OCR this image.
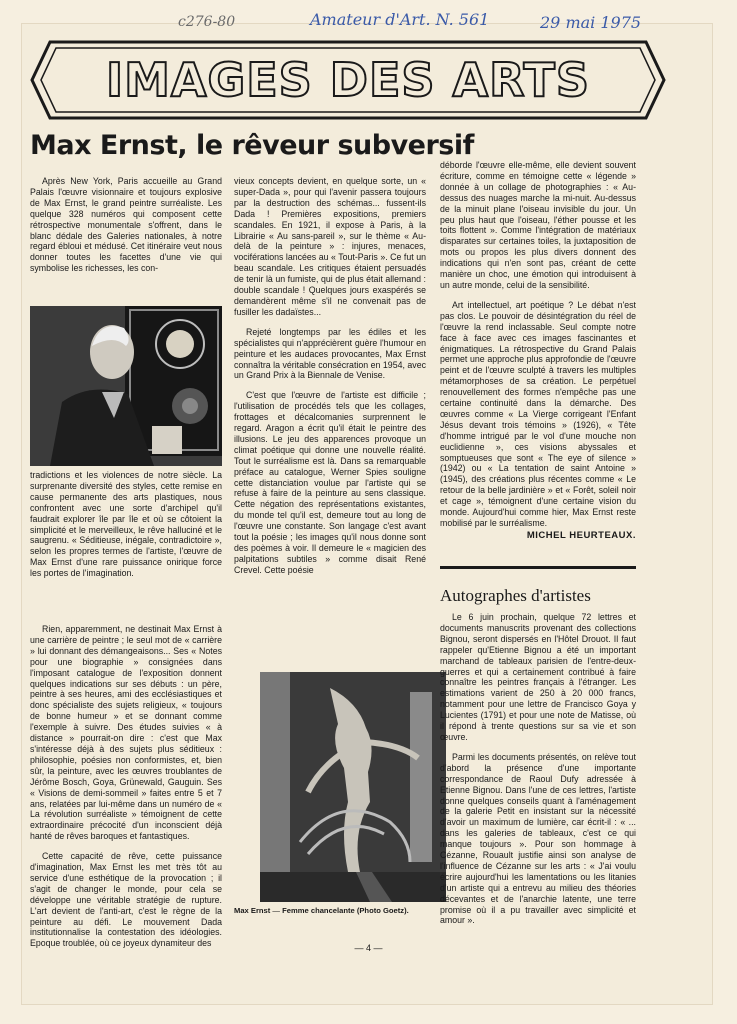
c276-80	Amateur d'Art. N. 561	29 mai 1975
IMAGES DES ARTS
Max Ernst, le rêveur subversif

Après New York, Paris accueille au Grand Palais l'œuvre visionnaire et toujours explosive de Max Ernst, le grand peintre surréaliste. Les quelque 328 numéros qui composent cette rétrospective monumentale s'offrent, dans le blanc dédale des Galeries nationales, à notre regard ébloui et médusé. Cet itinéraire veut nous donner toutes les facettes d'une vie qui symbolise les richesses, les con-

tradictions et les violences de notre siècle. La surprenante diversité des styles, cette remise en cause permanente des arts plastiques, nous confrontent avec une sorte d'archipel qu'il faudrait explorer île par île et où se côtoient la simplicité et le merveilleux, le rêve halluciné et le saugrenu. « Séditieuse, inégale, contradictoire », selon les propres termes de l'artiste, l'œuvre de Max Ernst d'une rare puissance onirique force les portes de l'imagination.

Rien, apparemment, ne destinait Max Ernst à une carrière de peintre ; le seul mot de « carrière » lui donnant des démangeaisons... Ses « Notes pour une biographie » consignées dans l'imposant catalogue de l'exposition donnent quelques indications sur ses débuts : un père, peintre à ses heures, ami des ecclésiastiques et donc spécialiste des sujets religieux, « toujours de bonne humeur » et se donnant comme l'exemple à suivre. Des études suivies « à distance » pourrait-on dire : c'est que Max s'intéresse déjà à des sujets plus séditieux : philosophie, poésies non conformistes, et, bien sûr, la peinture, avec les œuvres troublantes de Jérôme Bosch, Goya, Grünewald, Gauguin. Ses « Visions de demi-sommeil » faites entre 5 et 7 ans, relatées par lui-même dans un numéro de « La révolution surréaliste » témoignent de cette extraordinaire précocité d'un inconscient déjà hanté de rêves baroques et fantastiques.

Cette capacité de rêve, cette puissance d'imagination, Max Ernst les met très tôt au service d'une esthétique de la provocation ; il s'agit de changer le monde, pour cela se développe une véritable stratégie de rupture. L'art devient de l'anti-art, c'est le règne de la peinture au défi. Le mouvement Dada institutionnalise la contestation des idéologies. Epoque troublée, où ce joyeux dynamiteur des

vieux concepts devient, en quelque sorte, un « super-Dada », pour qui l'avenir passera toujours par la destruction des schémas... fussent-ils Dada ! Premières expositions, premiers scandales. En 1921, il expose à Paris, à la Librairie « Au sans-pareil », sur le thème « Au-delà de la peinture » : injures, menaces, vociférations lancées au « Tout-Paris ». Ce fut un beau scandale. Les critiques étaient persuadés de tenir là un fumiste, qui de plus était allemand : double scandale ! Quelques jours exaspérés se demandèrent même s'il ne convenait pas de fusiller les dadaïstes...

Rejeté longtemps par les édiles et les spécialistes qui n'apprécièrent guère l'humour en peinture et les audaces provocantes, Max Ernst connaîtra la véritable consécration en 1954, avec un Grand Prix à la Biennale de Venise.

C'est que l'œuvre de l'artiste est difficile ; l'utilisation de procédés tels que les collages, frottages et décalcomanies surprennent le regard. Aragon a écrit qu'il était le peintre des illusions. Le jeu des apparences provoque un climat poétique qui donne une nouvelle réalité. Tout le surréalisme est là. Dans sa remarquable préface au catalogue, Werner Spies souligne cette distanciation voulue par l'artiste qui se refuse à faire de la peinture au sens classique. Cette négation des représentations existantes, du monde tel qu'il est, demeure tout au long de l'œuvre une constante. Son langage c'est avant tout la poésie ; les images qu'il nous donne sont des poèmes à voir. Il demeure le « magicien des palpitations subtiles » comme disait René Crevel. Cette poésie

Max Ernst — Femme chancelante (Photo Goetz).

déborde l'œuvre elle-même, elle devient souvent écriture, comme en témoigne cette « légende » donnée à un collage de photographies : « Au-dessus des nuages marche la mi-nuit. Au-dessus de la minuit plane l'oiseau invisible du jour. Un peu plus haut que l'oiseau, l'éther pousse et les toits flottent ». Comme l'intégration de matériaux disparates sur certaines toiles, la juxtaposition de mots ou propos les plus divers donnent des indications qui n'en sont pas, créant de cette manière un choc, une émotion qui introduisent à un autre monde, celui de la sensibilité.

Art intellectuel, art poétique ? Le débat n'est pas clos. Le pouvoir de désintégration du réel de l'œuvre la rend inclassable. Seul compte notre face à face avec ces images fascinantes et énigmatiques. La rétrospective du Grand Palais permet une approche plus approfondie de l'œuvre peint et de l'œuvre sculpté à travers les multiples métamorphoses de sa création. Le perpétuel renouvellement des formes n'empêche pas une certaine continuité dans la démarche. Des œuvres comme « La Vierge corrigeant l'Enfant Jésus devant trois témoins » (1926), « Tête d'homme intrigué par le vol d'une mouche non euclidienne », ces visions abyssales et somptueuses que sont « The eye of silence » (1942) ou « La tentation de saint Antoine » (1945), des créations plus récentes comme « Le retour de la belle jardinière » et « Forêt, soleil noir et cage », témoignent d'une certaine vision du monde. Aujourd'hui comme hier, Max Ernst reste mobilisé par le surréalisme.

MICHEL HEURTEAUX.
Autographes d'artistes

Le 6 juin prochain, quelque 72 lettres et documents manuscrits provenant des collections Bignou, seront dispersés en l'Hôtel Drouot. Il faut rappeler qu'Etienne Bignou a été un important marchand de tableaux parisien de l'entre-deux-guerres et qui a certainement contribué à faire connaître les peintres français à l'étranger. Les estimations varient de 250 à 20 000 francs, notamment pour une lettre de Francisco Goya y Lucientes (1791) et pour une note de Matisse, où il répond à trente questions sur sa vie et son œuvre.

Parmi les documents présentés, on relève tout d'abord la présence d'une importante correspondance de Raoul Dufy adressée à Etienne Bignou. Dans l'une de ces lettres, l'artiste donne quelques conseils quant à l'aménagement de la galerie Petit en insistant sur la nécessité d'avoir un maximum de lumière, car écrit-il : « ... dans les galeries de tableaux, c'est ce qui manque toujours ». Pour son hommage à Cézanne, Rouault justifie ainsi son analyse de l'influence de Cézanne sur les arts : « J'ai voulu écrire aujourd'hui les lamentations ou les litanies d'un artiste qui a entrevu au milieu des théories décevantes et de l'anarchie latente, une terre promise où il a pu travailler avec simplicité et amour ».

— 4 —
